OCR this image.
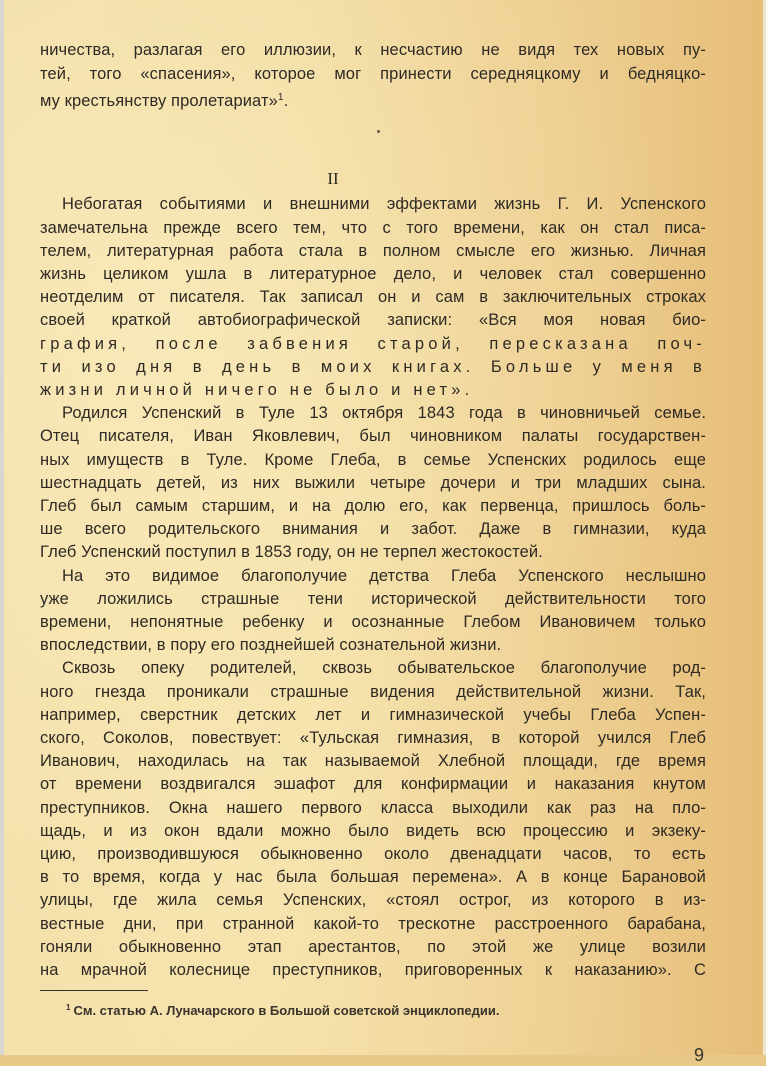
II
ничества, разлагая его иллюзии, к несчастию не видя тех новых пу-
тей, того «спасения», которое мог принести середняцкому и бедняцко-
му крестьянству пролетариат»$^1$.
Небогатая событиями и внешними эффектами жизнь Г. И. Успенского
замечательна прежде всего тем, что с того времени, как он стал писа-
телем, литературная работа стала в полном смысле его жизнью. Личная
жизнь целиком ушла в литературное дело, и человек стал совершенно
неотделим от писателя. Так записал он и сам в заключительных строках
своей краткой автобиографической записки: «Вся моя новая био-
графия, после забвения старой, пересказана поч-
ти изо дня в день в моих книгах. Больше у меня в
жизни личной ничего не было и нет».
Родился Успенский в Туле 13 октября 1843 года в чиновничьей семье.
Отец писателя, Иван Яковлевич, был чиновником палаты государствен-
ных имуществ в Туле. Кроме Глеба, в семье Успенских родилось еще
шестнадцать детей, из них выжили четыре дочери и три младших сына.
Глеб был самым старшим, и на долю его, как первенца, пришлось боль-
ше всего родительского внимания и забот. Даже в гимназии, куда
Глеб Успенский поступил в 1853 году, он не терпел жестокостей.
На это видимое благополучие детства Глеба Успенского неслышно
уже ложились страшные тени исторической действительности того
времени, непонятные ребенку и осознанные Глебом Ивановичем только
впоследствии, в пору его позднейшей сознательной жизни.
Сквозь опеку родителей, сквозь обывательское благополучие род-
ного гнезда проникали страшные видения действительной жизни. Так,
например, сверстник детских лет и гимназической учебы Глеба Успен-
ского, Соколов, повествует: «Тульская гимназия, в которой учился Глеб
Иванович, находилась на так называемой Хлебной площади, где время
от времени воздвигался эшафот для конфирмации и наказания кнутом
преступников. Окна нашего первого класса выходили как раз на пло-
щадь, и из окон вдали можно было видеть всю процессию и экзеку-
цию, производившуюся обыкновенно около двенадцати часов, то есть
в то время, когда у нас была большая перемена». А в конце Барановой
улицы, где жила семья Успенских, «стоял острог, из которого в из-
вестные дни, при странной какой-то трескотне расстроенного барабана,
гоняли обыкновенно этап арестантов, по этой же улице возили
на мрачной колеснице преступников, приговоренных к наказанию». С
$^1$ См. статью А. Луначарского в Большой советской энциклопедии.
9
